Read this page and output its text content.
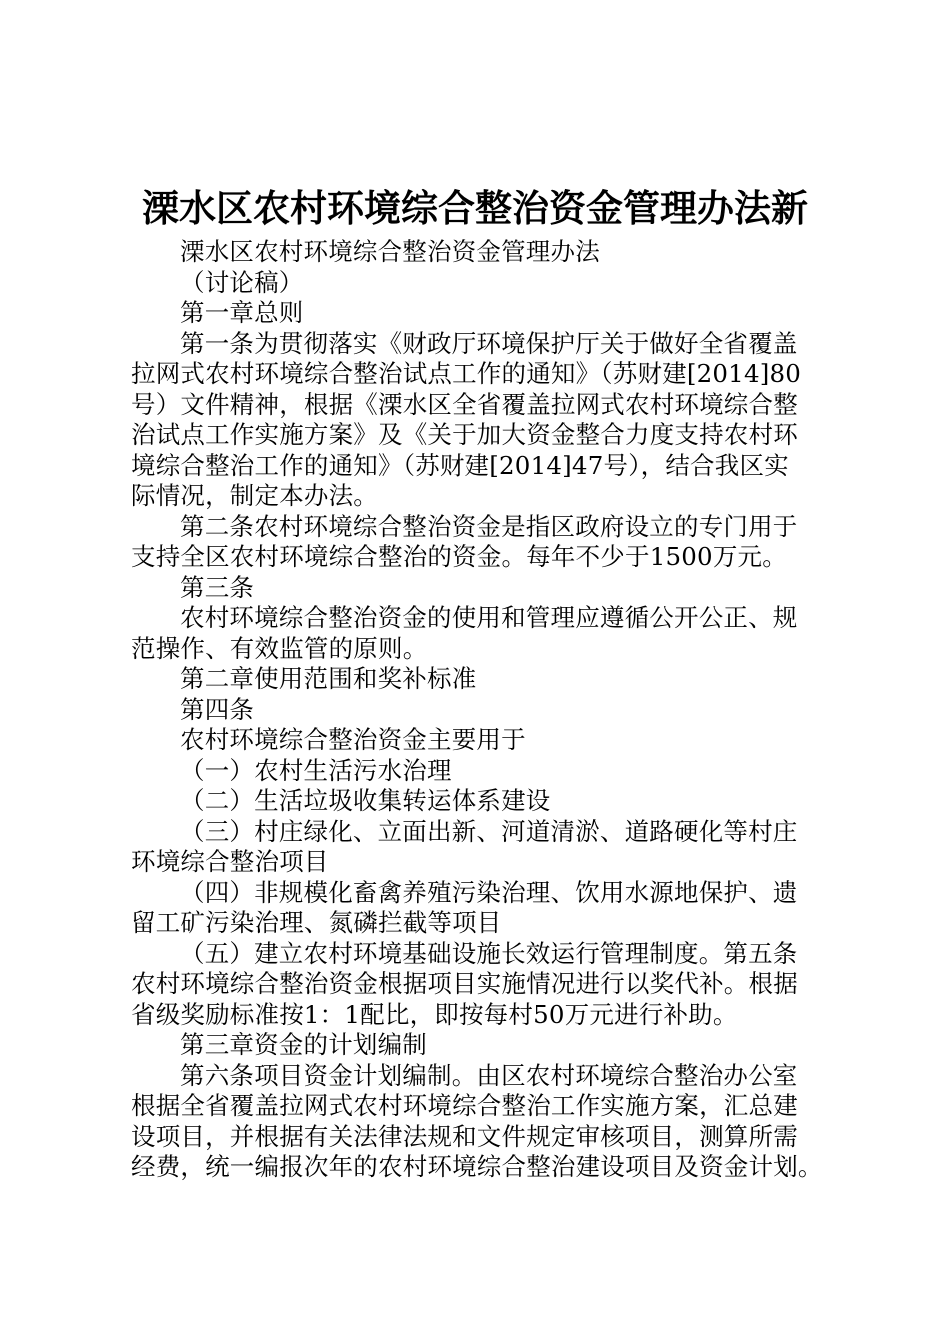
溧水区农村环境综合整治资金管理办法新
溧水区农村环境综合整治资金管理办法
（讨论稿）
第一章总则
第一条为贯彻落实《财政厅环境保护厅关于做好全省覆盖
拉网式农村环境综合整治试点工作的通知》（苏财建[2014]80
号）文件精神，根据《溧水区全省覆盖拉网式农村环境综合整
治试点工作实施方案》及《关于加大资金整合力度支持农村环
境综合整治工作的通知》（苏财建[2014]47号），结合我区实
际情况，制定本办法。
第二条农村环境综合整治资金是指区政府设立的专门用于
支持全区农村环境综合整治的资金。每年不少于1500万元。
第三条
农村环境综合整治资金的使用和管理应遵循公开公正、规
范操作、有效监管的原则。
第二章使用范围和奖补标准
第四条
农村环境综合整治资金主要用于
（一）农村生活污水治理
（二）生活垃圾收集转运体系建设
（三）村庄绿化、立面出新、河道清淤、道路硬化等村庄
环境综合整治项目
（四）非规模化畜禽养殖污染治理、饮用水源地保护、遗
留工矿污染治理、氮磷拦截等项目
（五）建立农村环境基础设施长效运行管理制度。第五条
农村环境综合整治资金根据项目实施情况进行以奖代补。根据
省级奖励标准按1：1配比，即按每村50万元进行补助。
第三章资金的计划编制
第六条项目资金计划编制。由区农村环境综合整治办公室
根据全省覆盖拉网式农村环境综合整治工作实施方案，汇总建
设项目，并根据有关法律法规和文件规定审核项目，测算所需
经费，统一编报次年的农村环境综合整治建设项目及资金计划。
